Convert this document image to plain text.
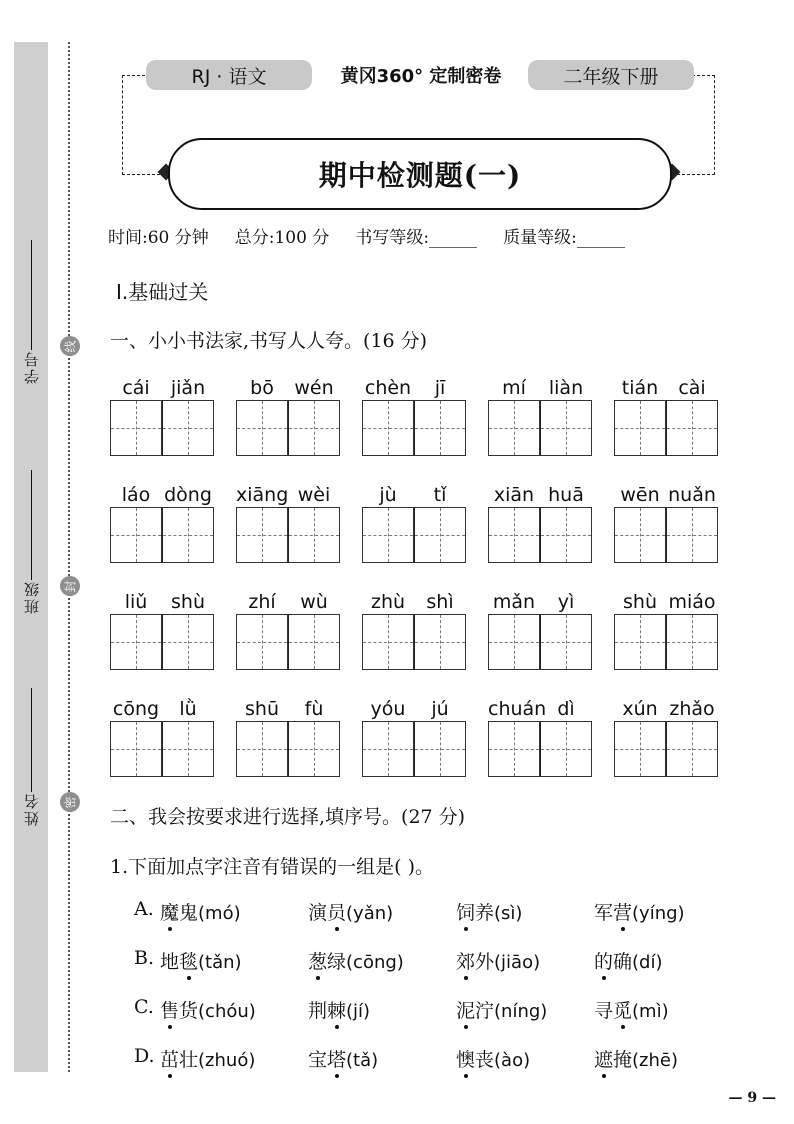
学号
班级
姓名
线
封
密
RJ · 语文	黄冈360° 定制密卷	二年级下册
期中检测题(一)
时间:60 分钟 总分:100 分 书写等级:	质量等级:
Ⅰ.基础过关
一、小小书法家,书写人人夸。(16 分)
cái	jiǎn	bō	wén	chèn	jī	mí	liàn	tián	cài
láo dòng xiāng wèi	jù	tǐ	xiān huā	wēn nuǎn
liǔ	shù	zhí	wù	zhù	shì	mǎn	yì	shù miáo
cōng	lǜ	shū	fù	yóu	jú	chuán dì	xún zhǎo
二、我会按要求进行选择,填序号。(27 分)
1.下面加点字注音有错误的一组是( )。
A. 魔鬼(mó)	演员(yǎn)	饲养(sì)	军营(yíng)
B. 地毯(tǎn)	葱绿(cōng)	郊外(jiāo)	的确(dí)
C. 售货(chóu)	荆棘(jí)	泥泞(níng) 寻觅(mì)
D. 茁壮(zhuó)	宝塔(tǎ)	懊丧(ào)	遮掩(zhē)
— 9 —
